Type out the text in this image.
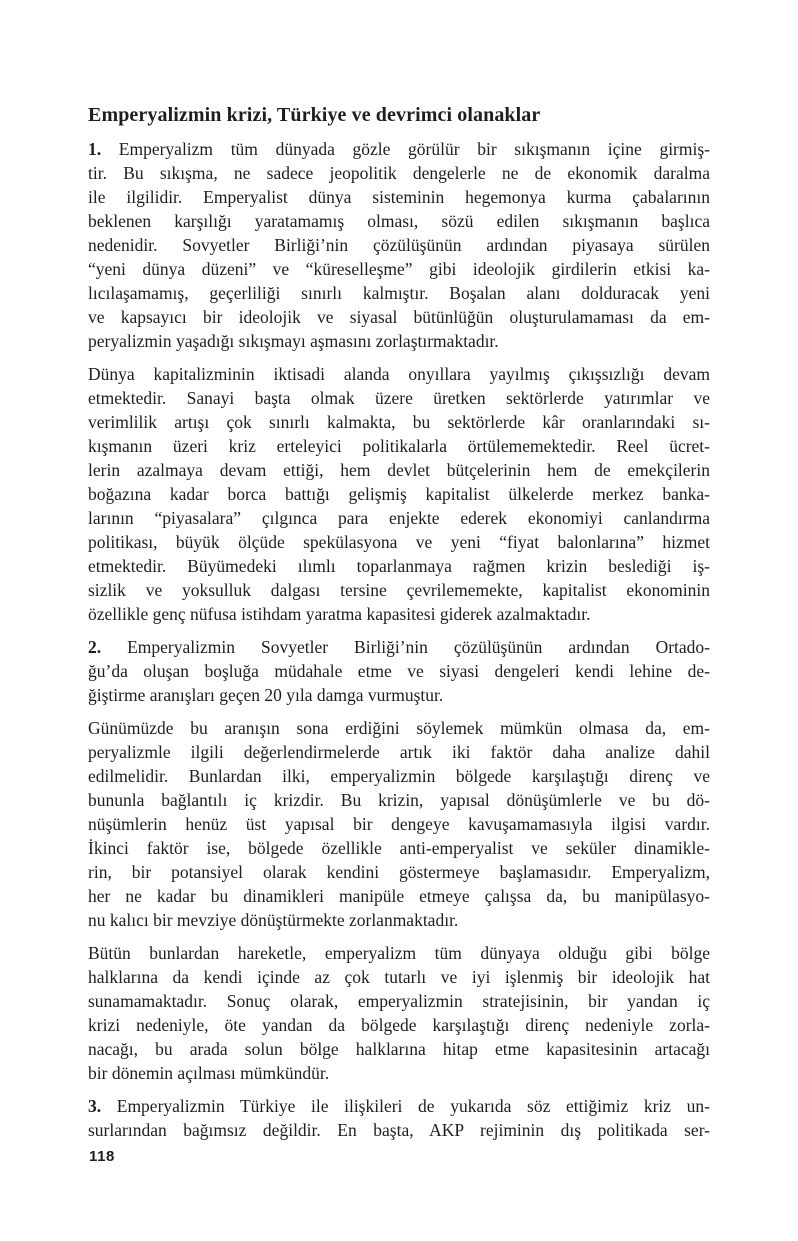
Emperyalizmin krizi, Türkiye ve devrimci olanaklar
1. Emperyalizm tüm dünyada gözle görülür bir sıkışmanın içine girmiş-
tir. Bu sıkışma, ne sadece jeopolitik dengelerle ne de ekonomik daralma
ile ilgilidir. Emperyalist dünya sisteminin hegemonya kurma çabalarının
beklenen karşılığı yaratamamış olması, sözü edilen sıkışmanın başlıca
nedenidir. Sovyetler Birliği’nin çözülüşünün ardından piyasaya sürülen
“yeni dünya düzeni” ve “küreselleşme” gibi ideolojik girdilerin etkisi ka-
lıcılaşamamış, geçerliliği sınırlı kalmıştır. Boşalan alanı dolduracak yeni
ve kapsayıcı bir ideolojik ve siyasal bütünlüğün oluşturulamaması da em-
peryalizmin yaşadığı sıkışmayı aşmasını zorlaştırmaktadır.
Dünya kapitalizminin iktisadi alanda onyıllara yayılmış çıkışsızlığı devam
etmektedir. Sanayi başta olmak üzere üretken sektörlerde yatırımlar ve
verimlilik artışı çok sınırlı kalmakta, bu sektörlerde kâr oranlarındaki sı-
kışmanın üzeri kriz erteleyici politikalarla örtülememektedir. Reel ücret-
lerin azalmaya devam ettiği, hem devlet bütçelerinin hem de emekçilerin
boğazına kadar borca battığı gelişmiş kapitalist ülkelerde merkez banka-
larının “piyasalara” çılgınca para enjekte ederek ekonomiyi canlandırma
politikası, büyük ölçüde spekülasyona ve yeni “fiyat balonlarına” hizmet
etmektedir. Büyümedeki ılımlı toparlanmaya rağmen krizin beslediği iş-
sizlik ve yoksulluk dalgası tersine çevrilememekte, kapitalist ekonominin
özellikle genç nüfusa istihdam yaratma kapasitesi giderek azalmaktadır.
2. Emperyalizmin Sovyetler Birliği’nin çözülüşünün ardından Ortado-
ğu’da oluşan boşluğa müdahale etme ve siyasi dengeleri kendi lehine de-
ğiştirme aranışları geçen 20 yıla damga vurmuştur.
Günümüzde bu aranışın sona erdiğini söylemek mümkün olmasa da, em-
peryalizmle ilgili değerlendirmelerde artık iki faktör daha analize dahil
edilmelidir. Bunlardan ilki, emperyalizmin bölgede karşılaştığı direnç ve
bununla bağlantılı iç krizdir. Bu krizin, yapısal dönüşümlerle ve bu dö-
nüşümlerin henüz üst yapısal bir dengeye kavuşamamasıyla ilgisi vardır.
İkinci faktör ise, bölgede özellikle anti-emperyalist ve seküler dinamikle-
rin, bir potansiyel olarak kendini göstermeye başlamasıdır. Emperyalizm,
her ne kadar bu dinamikleri manipüle etmeye çalışsa da, bu manipülasyo-
nu kalıcı bir mevziye dönüştürmekte zorlanmaktadır.
Bütün bunlardan hareketle, emperyalizm tüm dünyaya olduğu gibi bölge
halklarına da kendi içinde az çok tutarlı ve iyi işlenmiş bir ideolojik hat
sunamamaktadır. Sonuç olarak, emperyalizmin stratejisinin, bir yandan iç
krizi nedeniyle, öte yandan da bölgede karşılaştığı direnç nedeniyle zorla-
nacağı, bu arada solun bölge halklarına hitap etme kapasitesinin artacağı
bir dönemin açılması mümkündür.
3. Emperyalizmin Türkiye ile ilişkileri de yukarıda söz ettiğimiz kriz un-
surlarından bağımsız değildir. En başta, AKP rejiminin dış politikada ser-
118
